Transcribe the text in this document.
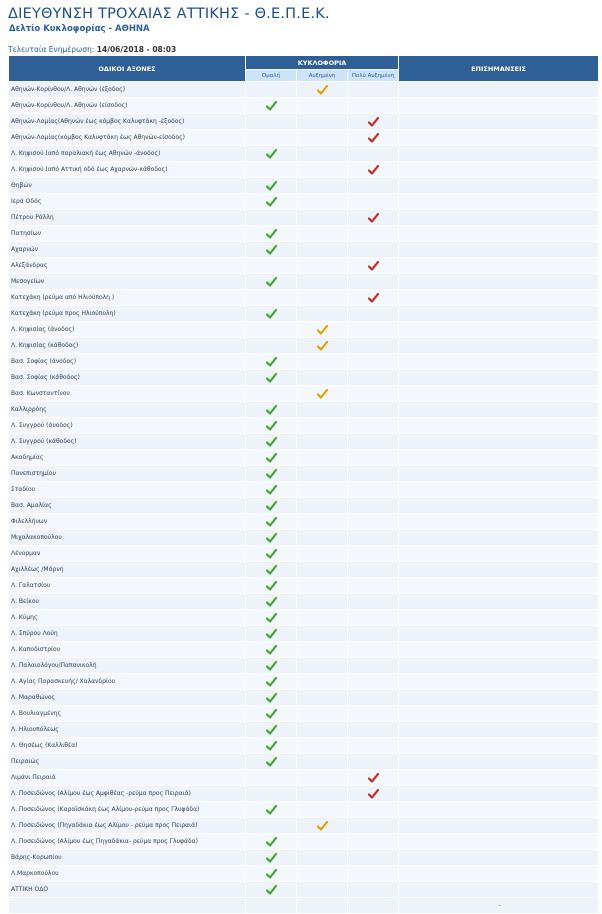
ΔΙΕΥΘΥΝΣΗ ΤΡΟΧΑΙΑΣ ΑΤΤΙΚΗΣ - Θ.Ε.Π.Ε.Κ.
Δελτίο Κυκλοφορίας - ΑΘΗΝΑ
Τελευταία Ενημέρωση: 14/06/2018 - 08:03
ΟΔΙΚΟΙ ΑΞΟΝΕΣ	ΚΥΚΛΟΦΟΡΙΑ			ΕΠΙΣΗΜΑΝΣΕΙΣ
	Ομαλή	Αυξημένη	Πολύ Αυξημένη	
Αθηνών-Κορίνθου/Λ. Αθηνών (έξοδος)				
Αθηνών-Κορίνθου/Λ. Αθηνών (είσοδος)				
Αθηνών-Λαμίας(Αθηνών έως κόμβος Καλυφτάκη -έξοδος)				
Αθηνών-Λαμίας(κόμβος Καλυφτάκη έως Αθηνών-είσοδος)				
Λ. Κηφισού (από παραλιακή έως Αθηνών -άνοδος)				
Λ. Κηφισού (από Αττική οδό έως Αχαρνών-κάθοδος)				
Θηβών				
Ιερά Οδός				
Πέτρου Ράλλη				
Πατησίων				
Αχαρνών				
Αλεξάνδρας				
Μεσογείων				
Κατεχάκη (ρεύμα από Ηλιούπολη )				
Κατεχάκη (ρεύμα προς Ηλιούπολη)				
Λ. Κηφισίας (άνοδος)				
Λ. Κηφισίας (κάθοδος)				
Βασ. Σοφίας (άνοδος)				
Βασ. Σοφίας (κάθοδος)				
Βασ. Κωνσταντίνου				
Καλλιρρόης				
Λ. Συγγρού (άνοδος)				
Λ. Συγγρού (κάθοδος)				
Ακαδημίας				
Πανεπιστημίου				
Σταδίου				
Βασ. Αμαλίας				
Φιλελλήνων				
Μιχαλακοπούλου				
Λένορμαν				
Αχιλλέως /Μάρνη				
Λ. Γαλατσίου				
Λ. Βείκου				
Λ. Κύμης				
Λ. Σπύρου Λούη				
Λ. Καποδιστρίου				
Λ. Παλαιολόγου/Παπανικολή				
Λ. Αγίας Παρασκευής/ Χαλανδρίου				
Λ. Μαραθώνος				
Λ. Βουλιαγμένης				
Λ. Ηλιουπόλεως				
Λ. Θησέως (Καλλιθέα)				
Πειραιώς				
Λιμάνι Πειραιά				
Λ. Ποσειδώνος (Αλίμου έως Αμφιθέας -ρεύμα προς Πειραιά)				
Λ. Ποσειδώνος (Καραϊσκάκη έως Αλίμου-ρεύμα προς Γλυφάδα)				
Λ. Ποσειδώνος (Πηγαδάκια έως Αλίμου - ρεύμα προς Πειραιά)				
Λ. Ποσειδώνος (Αλίμου έως Πηγαδάκια- ρεύμα προς Γλυφάδα)				
Βάρης-Κορωπίου				
Λ.Μαρκοπούλου				
ΑΤΤΙΚΗ ΟΔΟ				
				-
